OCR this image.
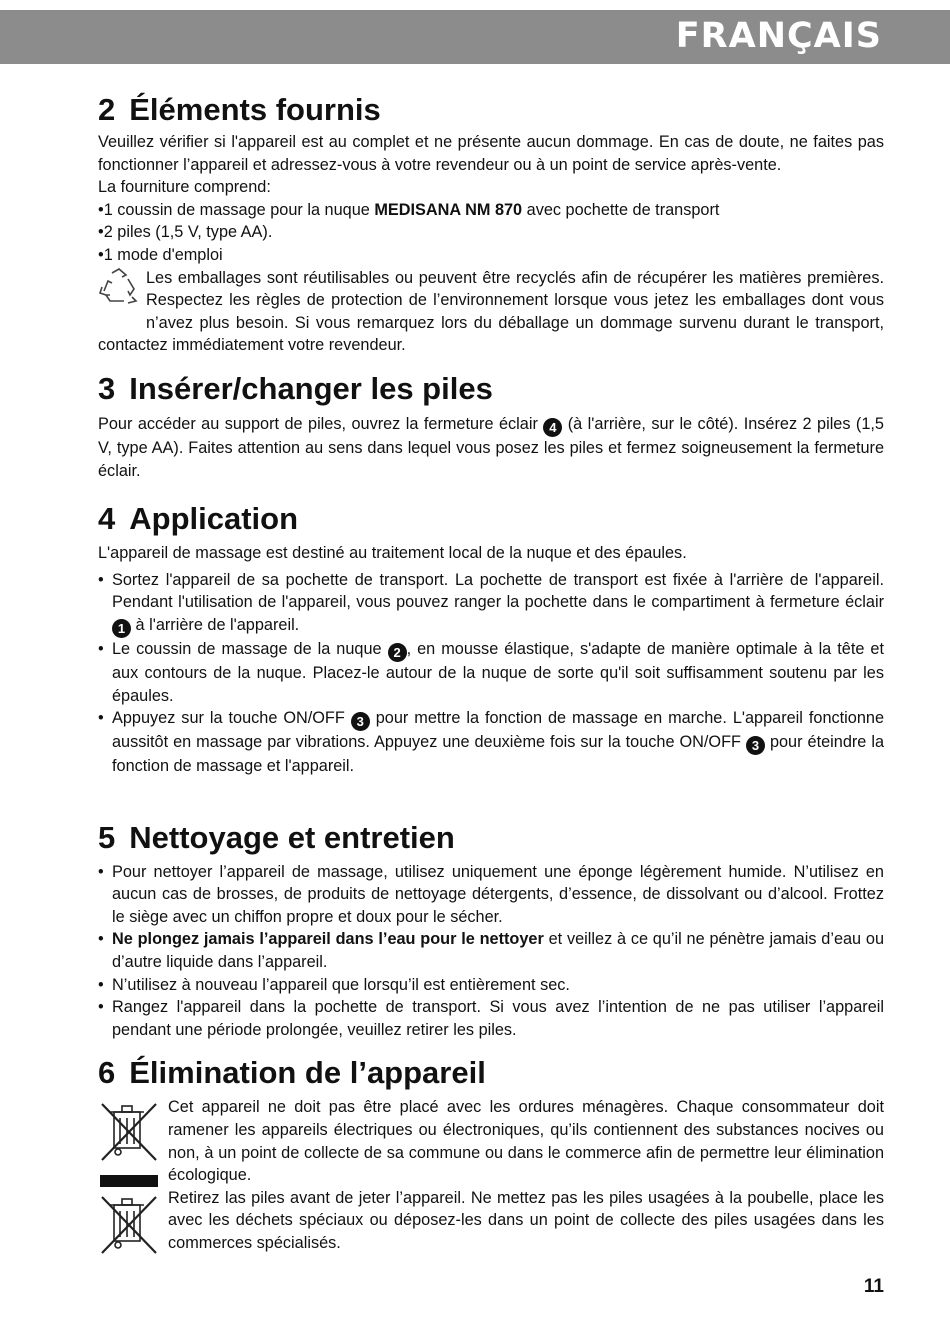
FRANÇAIS
2 Éléments fournis

Veuillez vérifier si l'appareil est au complet et ne présente aucun dommage. En cas de doute, ne faites pas fonctionner l’appareil et adressez-vous à votre revendeur ou à un point de service après-vente.

La fourniture comprend:

• 1 coussin de massage pour la nuque MEDISANA NM 870 avec pochette de transport
• 2 piles (1,5 V, type AA).
• 1 mode d'emploi

Les emballages sont réutilisables ou peuvent être recyclés afin de récupérer les matières premières. Respectez les règles de protection de l’environnement lorsque vous jetez les emballages dont vous n’avez plus besoin. Si vous remarquez lors du déballage un dommage survenu durant le transport, contactez immédiatement votre revendeur.

3 Insérer/changer les piles

Pour accéder au support de piles, ouvrez la fermeture éclair 4 (à l'arrière, sur le côté). Insérez 2 piles (1,5 V, type AA). Faites attention au sens dans lequel vous posez les piles et fermez soigneusement la fermeture éclair.

4 Application

L'appareil de massage est destiné au traitement local de la nuque et des épaules.

• Sortez l'appareil de sa pochette de transport. La pochette de transport est fixée à l'arrière de l'appareil. Pendant l'utilisation de l'appareil, vous pouvez ranger la pochette dans le compartiment à fermeture éclair 1 à l'arrière de l'appareil.
• Le coussin de massage de la nuque 2 , en mousse élastique, s'adapte de manière optimale à la tête et aux contours de la nuque. Placez-le autour de la nuque de sorte qu'il soit suffisamment soutenu par les épaules.
• Appuyez sur la touche ON/OFF 3 pour mettre la fonction de massage en marche. L'appareil fonctionne aussitôt en massage par vibrations. Appuyez une deuxième fois sur la touche ON/OFF 3 pour éteindre la fonction de massage et l'appareil.
5 Nettoyage et entretien
• Pour nettoyer l’appareil de massage, utilisez uniquement une éponge légèrement humide. N’utilisez en aucun cas de brosses, de produits de nettoyage détergents, d’essence, de dissolvant ou d’alcool. Frottez le siège avec un chiffon propre et doux pour le sécher.
• Ne plongez jamais l’appareil dans l’eau pour le nettoyer et veillez à ce qu’il ne pénètre jamais d’eau ou d’autre liquide dans l’appareil.
• N’utilisez à nouveau l’appareil que lorsqu’il est entièrement sec.
• Rangez l'appareil dans la pochette de transport. Si vous avez l’intention de ne pas utiliser l’appareil pendant une période prolongée, veuillez retirer les piles.
6 Élimination de l’appareil

Cet appareil ne doit pas être placé avec les ordures ménagères. Chaque consommateur doit ramener les appareils électriques ou électroniques, qu’ils contiennent des substances nocives ou non, à un point de collecte de sa commune ou dans le commerce afin de permettre leur élimination écologique.

Retirez las piles avant de jeter l’appareil. Ne mettez pas les piles usagées à la poubelle, place les avec les déchets spéciaux ou déposez-les dans un point de collecte des piles usagées dans les commerces spécialisés.

11
